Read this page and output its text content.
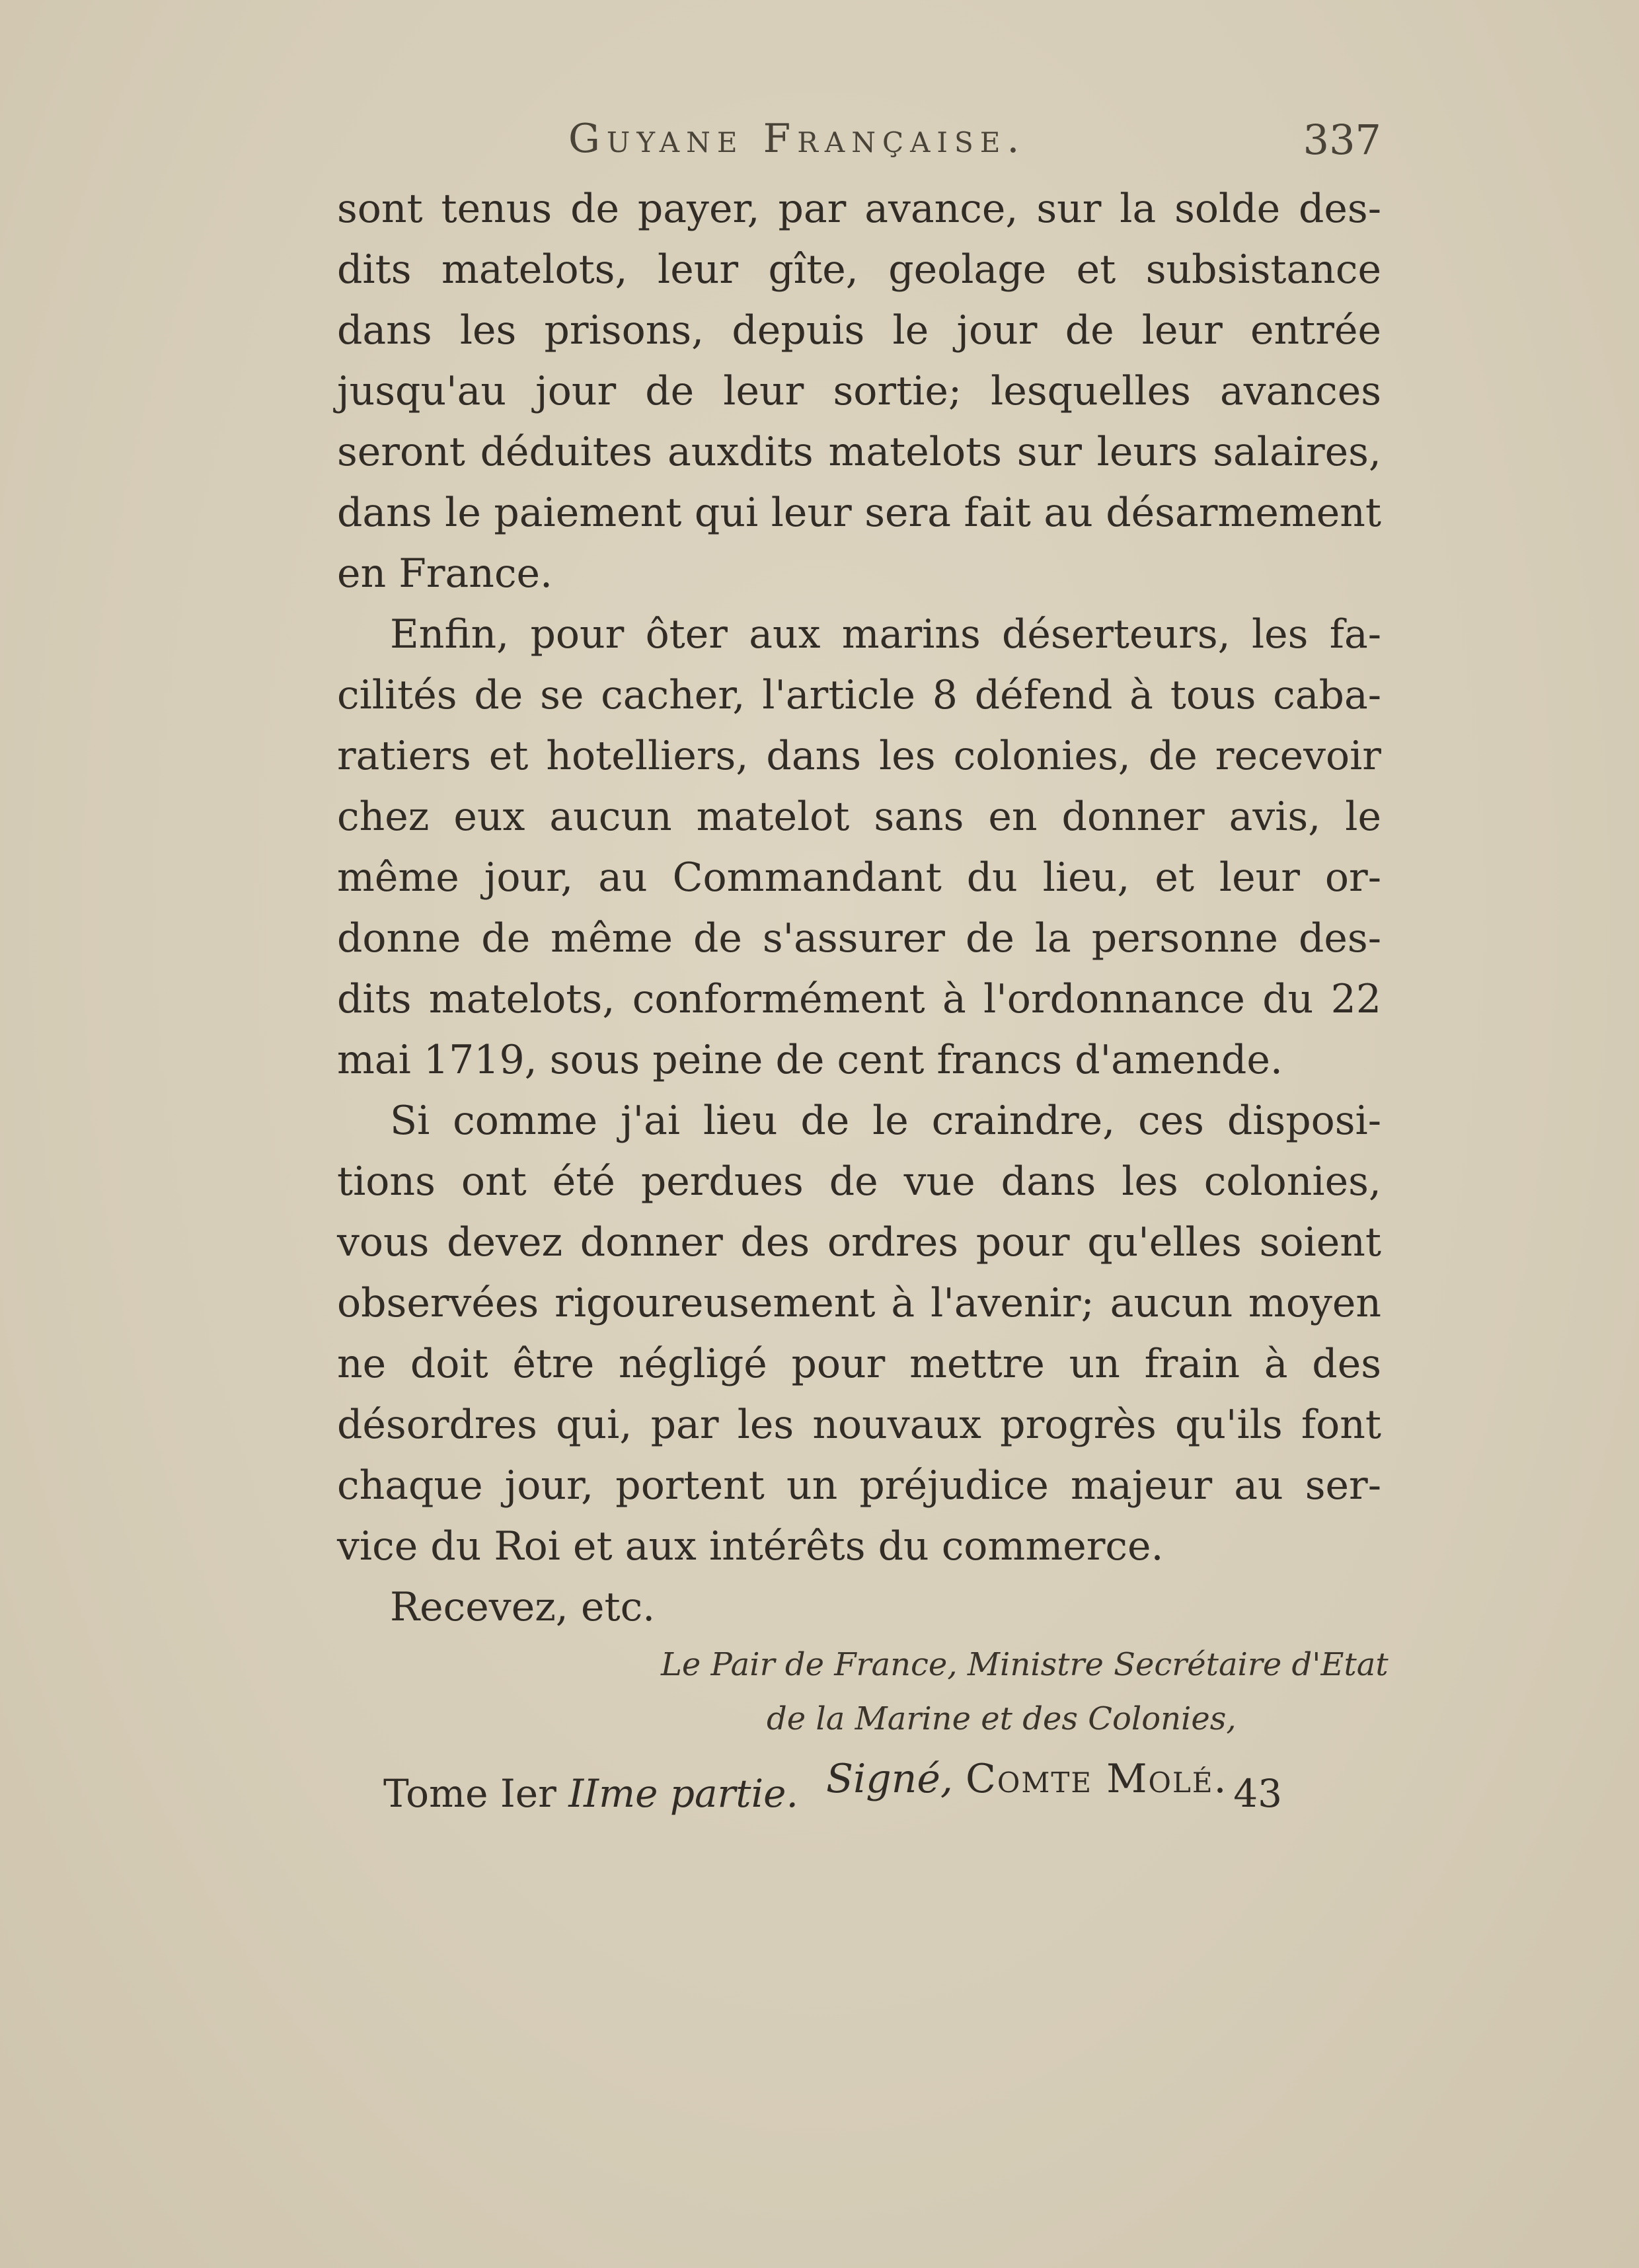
Guyane Française.	337
sont tenus de payer, par avance, sur la solde des-
dits matelots, leur gîte, geolage et subsistance
dans les prisons, depuis le jour de leur entrée
jusqu'au jour de leur sortie; lesquelles avances
seront déduites auxdits matelots sur leurs salaires,
dans le paiement qui leur sera fait au désarmement
en France.
Enfin, pour ôter aux marins déserteurs, les fa-
cilités de se cacher, l'article 8 défend à tous caba-
ratiers et hotelliers, dans les colonies, de recevoir
chez eux aucun matelot sans en donner avis, le
même jour, au Commandant du lieu, et leur or-
donne de même de s'assurer de la personne des-
dits matelots, conformément à l'ordonnance du 22
mai 1719, sous peine de cent francs d'amende.
Si comme j'ai lieu de le craindre, ces disposi-
tions ont été perdues de vue dans les colonies,
vous devez donner des ordres pour qu'elles soient
observées rigoureusement à l'avenir; aucun moyen
ne doit être négligé pour mettre un frain à des
désordres qui, par les nouvaux progrès qu'ils font
chaque jour, portent un préjudice majeur au ser-
vice du Roi et aux intérêts du commerce.
Recevez, etc.
Le Pair de France, Ministre Secrétaire d'Etat
de la Marine et des Colonies,
Signé, Comte Molé.
Tome Ier IIme partie.	43
